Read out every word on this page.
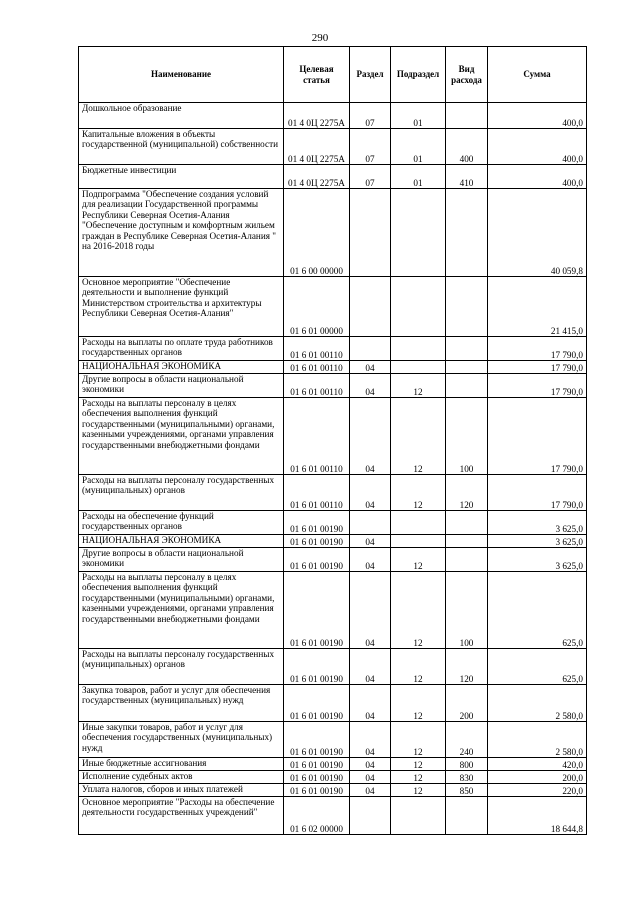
290
Наименование	Целевая статья	Раздел	Подраздел	Вид расхода	Сумма
Дошкольное образование	01 4 0Ц 2275А	07	01		400,0
Капитальные вложения в объекты государственной (муниципальной) собственности	01 4 0Ц 2275А	07	01	400	400,0
Бюджетные инвестиции	01 4 0Ц 2275А	07	01	410	400,0
Подпрограмма "Обеспечение создания условий для реализации Государственной программы Республики Северная Осетия-Алания "Обеспечение доступным и комфортным жильем граждан в Республике Северная Осетия-Алания " на 2016-2018 годы	01 6 00 00000				40 059,8
Основное мероприятие "Обеспечение деятельности и выполнение функций Министерством строительства и архитектуры Республики Северная Осетия-Алания"	01 6 01 00000				21 415,0
Расходы на выплаты по оплате труда работников государственных органов	01 6 01 00110				17 790,0
НАЦИОНАЛЬНАЯ ЭКОНОМИКА	01 6 01 00110	04			17 790,0
Другие вопросы в области национальной экономики	01 6 01 00110	04	12		17 790,0
Расходы на выплаты персоналу в целях обеспечения выполнения функций государственными (муниципальными) органами, казенными учреждениями, органами управления государственными внебюджетными фондами	01 6 01 00110	04	12	100	17 790,0
Расходы на выплаты персоналу государственных (муниципальных) органов	01 6 01 00110	04	12	120	17 790,0
Расходы на обеспечение функций государственных органов	01 6 01 00190				3 625,0
НАЦИОНАЛЬНАЯ ЭКОНОМИКА	01 6 01 00190	04			3 625,0
Другие вопросы в области национальной экономики	01 6 01 00190	04	12		3 625,0
Расходы на выплаты персоналу в целях обеспечения выполнения функций государственными (муниципальными) органами, казенными учреждениями, органами управления государственными внебюджетными фондами	01 6 01 00190	04	12	100	625,0
Расходы на выплаты персоналу государственных (муниципальных) органов	01 6 01 00190	04	12	120	625,0
Закупка товаров, работ и услуг для обеспечения государственных (муниципальных) нужд	01 6 01 00190	04	12	200	2 580,0
Иные закупки товаров, работ и услуг для обеспечения государственных (муниципальных) нужд	01 6 01 00190	04	12	240	2 580,0
Иные бюджетные ассигнования	01 6 01 00190	04	12	800	420,0
Исполнение судебных актов	01 6 01 00190	04	12	830	200,0
Уплата налогов, сборов и иных платежей	01 6 01 00190	04	12	850	220,0
Основное мероприятие "Расходы на обеспечение деятельности государственных учреждений"	01 6 02 00000				18 644,8
